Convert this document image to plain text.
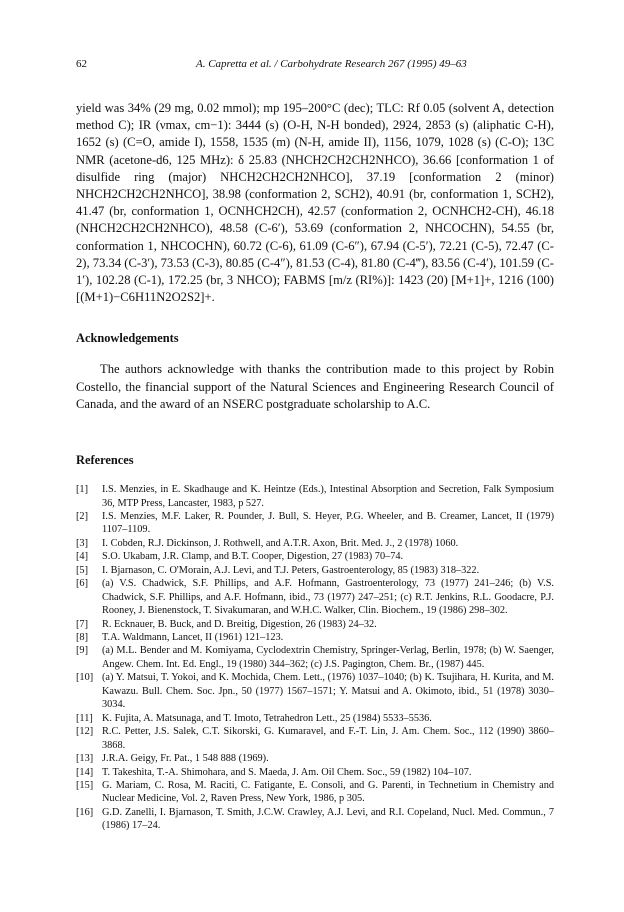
62	A. Capretta et al. / Carbohydrate Research 267 (1995) 49–63

yield was 34% (29 mg, 0.02 mmol); mp 195–200°C (dec); TLC: Rf 0.05 (solvent A, detection method C); IR (νmax, cm−1): 3444 (s) (O-H, N-H bonded), 2924, 2853 (s) (aliphatic C-H), 1652 (s) (C=O, amide I), 1558, 1535 (m) (N-H, amide II), 1156, 1079, 1028 (s) (C-O); 13C NMR (acetone-d6, 125 MHz): δ 25.83 (NHCH2CH2CH2NHCO), 36.66 [conformation 1 of disulfide ring (major) NHCH2CH2CH2NHCO], 37.19 [conformation 2 (minor) NHCH2CH2CH2NHCO], 38.98 (conformation 2, SCH2), 40.91 (br, conformation 1, SCH2), 41.47 (br, conformation 1, OCNHCH2CH), 42.57 (conformation 2, OCNHCH2-CH), 46.18 (NHCH2CH2CH2NHCO), 48.58 (C-6′), 53.69 (conformation 2, NHCOCHN), 54.55 (br, conformation 1, NHCOCHN), 60.72 (C-6), 61.09 (C-6″), 67.94 (C-5′), 72.21 (C-5), 72.47 (C-2), 73.34 (C-3′), 73.53 (C-3), 80.85 (C-4″), 81.53 (C-4), 81.80 (C-4‴), 83.56 (C-4′), 101.59 (C-1′), 102.28 (C-1), 172.25 (br, 3 NHCO); FABMS [m/z (RI%)]: 1423 (20) [M+1]+, 1216 (100) [(M+1)−C6H11N2O2S2]+.

Acknowledgements

The authors acknowledge with thanks the contribution made to this project by Robin Costello, the financial support of the Natural Sciences and Engineering Research Council of Canada, and the award of an NSERC postgraduate scholarship to A.C.

References
[1]	I.S. Menzies, in E. Skadhauge and K. Heintze (Eds.), Intestinal Absorption and Secretion, Falk Symposium 36, MTP Press, Lancaster, 1983, p 527.
[2]	I.S. Menzies, M.F. Laker, R. Pounder, J. Bull, S. Heyer, P.G. Wheeler, and B. Creamer, Lancet, II (1979) 1107–1109.
[3]	I. Cobden, R.J. Dickinson, J. Rothwell, and A.T.R. Axon, Brit. Med. J., 2 (1978) 1060.
[4]	S.O. Ukabam, J.R. Clamp, and B.T. Cooper, Digestion, 27 (1983) 70–74.
[5]	I. Bjarnason, C. O'Morain, A.J. Levi, and T.J. Peters, Gastroenterology, 85 (1983) 318–322.
[6]	(a) V.S. Chadwick, S.F. Phillips, and A.F. Hofmann, Gastroenterology, 73 (1977) 241–246; (b) V.S. Chadwick, S.F. Phillips, and A.F. Hofmann, ibid., 73 (1977) 247–251; (c) R.T. Jenkins, R.L. Goodacre, P.J. Rooney, J. Bienenstock, T. Sivakumaran, and W.H.C. Walker, Clin. Biochem., 19 (1986) 298–302.
[7]	R. Ecknauer, B. Buck, and D. Breitig, Digestion, 26 (1983) 24–32.
[8]	T.A. Waldmann, Lancet, II (1961) 121–123.
[9]	(a) M.L. Bender and M. Komiyama, Cyclodextrin Chemistry, Springer-Verlag, Berlin, 1978; (b) W. Saenger, Angew. Chem. Int. Ed. Engl., 19 (1980) 344–362; (c) J.S. Pagington, Chem. Br., (1987) 445.
[10] (a) Y. Matsui, T. Yokoi, and K. Mochida, Chem. Lett., (1976) 1037–1040; (b) K. Tsujihara, H. Kurita, and M. Kawazu. Bull. Chem. Soc. Jpn., 50 (1977) 1567–1571; Y. Matsui and A. Okimoto, ibid., 51 (1978) 3030–3034.
[11] K. Fujita, A. Matsunaga, and T. Imoto, Tetrahedron Lett., 25 (1984) 5533–5536.
[12] R.C. Petter, J.S. Salek, C.T. Sikorski, G. Kumaravel, and F.-T. Lin, J. Am. Chem. Soc., 112 (1990) 3860–3868.
[13] J.R.A. Geigy, Fr. Pat., 1 548 888 (1969).
[14] T. Takeshita, T.-A. Shimohara, and S. Maeda, J. Am. Oil Chem. Soc., 59 (1982) 104–107.
[15] G. Mariam, C. Rosa, M. Raciti, C. Fatigante, E. Consoli, and G. Parenti, in Technetium in Chemistry and Nuclear Medicine, Vol. 2, Raven Press, New York, 1986, p 305.
[16] G.D. Zanelli, I. Bjarnason, T. Smith, J.C.W. Crawley, A.J. Levi, and R.I. Copeland, Nucl. Med. Commun., 7 (1986) 17–24.
